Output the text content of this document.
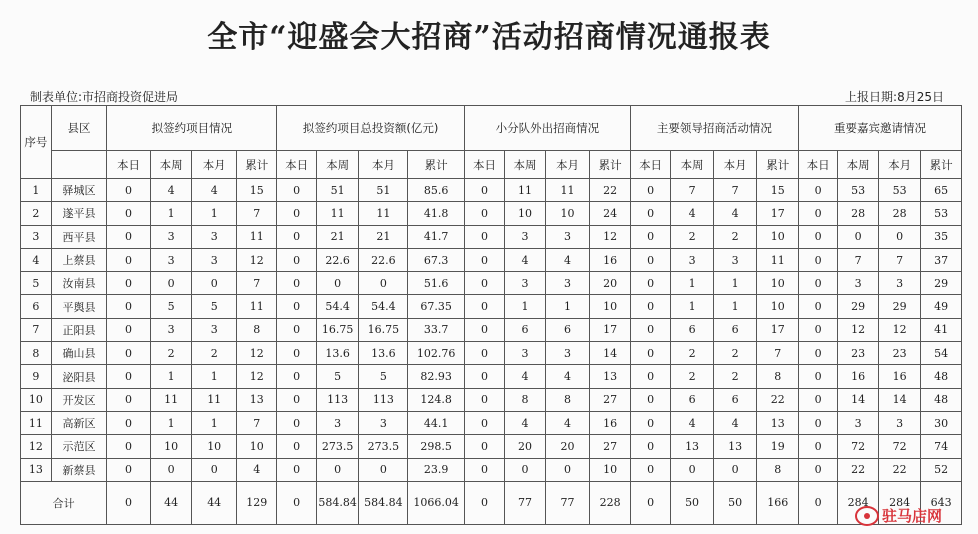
全市“迎盛会大招商”活动招商情况通报表
制表单位:市招商投资促进局	上报日期:8月25日
序号	县区	拟签约项目情况				拟签约项目总投资额(亿元)				小分队外出招商情况				主要领导招商活动情况				重要嘉宾邀请情况			
		本日	本周	本月	累计	本日	本周	本月	累计	本日	本周	本月	累计	本日	本周	本月	累计	本日	本周	本月	累计
1	驿城区	0	4	4	15	0	51	51	85.6	0	11	11	22	0	7	7	15	0	53	53	65
2	遂平县	0	1	1	7	0	11	11	41.8	0	10	10	24	0	4	4	17	0	28	28	53
3	西平县	0	3	3	11	0	21	21	41.7	0	3	3	12	0	2	2	10	0	0	0	35
4	上蔡县	0	3	3	12	0	22.6	22.6	67.3	0	4	4	16	0	3	3	11	0	7	7	37
5	汝南县	0	0	0	7	0	0	0	51.6	0	3	3	20	0	1	1	10	0	3	3	29
6	平舆县	0	5	5	11	0	54.4	54.4	67.35	0	1	1	10	0	1	1	10	0	29	29	49
7	正阳县	0	3	3	8	0	16.75	16.75	33.7	0	6	6	17	0	6	6	17	0	12	12	41
8	确山县	0	2	2	12	0	13.6	13.6	102.76	0	3	3	14	0	2	2	7	0	23	23	54
9	泌阳县	0	1	1	12	0	5	5	82.93	0	4	4	13	0	2	2	8	0	16	16	48
10	开发区	0	11	11	13	0	113	113	124.8	0	8	8	27	0	6	6	22	0	14	14	48
11	高新区	0	1	1	7	0	3	3	44.1	0	4	4	16	0	4	4	13	0	3	3	30
12	示范区	0	10	10	10	0	273.5	273.5	298.5	0	20	20	27	0	13	13	19	0	72	72	74
13	新蔡县	0	0	0	4	0	0	0	23.9	0	0	0	10	0	0	0	8	0	22	22	52
合计		0	44	44	129	0	584.84	584.84	1066.04	0	77	77	228	0	50	50	166	0	284	284	643
驻马店网
